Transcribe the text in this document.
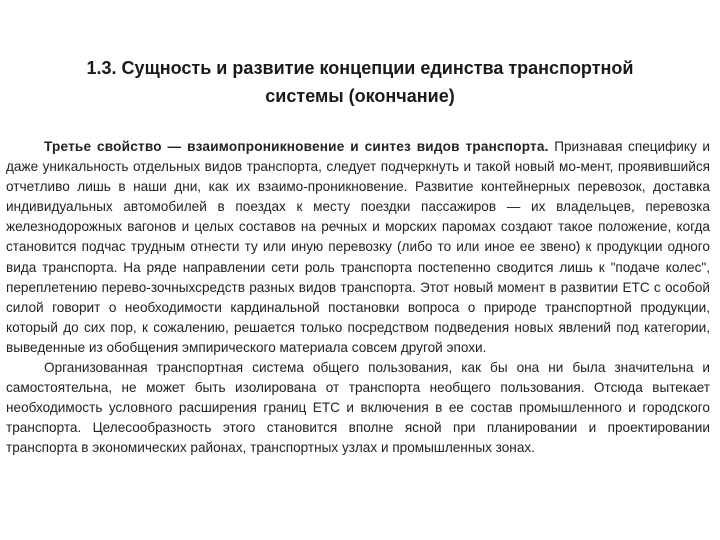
1.3. Сущность и развитие концепции единства транспортной
системы (окончание)

Третье свойство — взаимопроникновение и синтез видов транспорта. Признавая специфику и даже уникальность отдельных видов транспорта, следует подчеркнуть и такой новый мо-мент, проявившийся отчетливо лишь в наши дни, как их взаимо-проникновение. Развитие контейнерных перевозок, доставка индивидуальных автомобилей в поездах к месту поездки пассажиров — их владельцев, перевозка железнодорожных вагонов и целых составов на речных и морских паромах создают такое положение, когда становится подчас трудным отнести ту или иную перевозку (либо то или иное ее звено) к продукции одного вида транспорта. На ряде направлении сети роль транспорта постепенно сводится лишь к "подаче колес", переплетению перево-зочныхсредств разных видов транспорта. Этот новый момент в развитии ЕТС с особой силой говорит о необходимости кардинальной постановки вопроса о природе транспортной продукции, который до сих пор, к сожалению, решается только посредством подведения новых явлений под категории, выведенные из обобщения эмпирического материала совсем другой эпохи.

Организованная транспортная система общего пользования, как бы она ни была значительна и самостоятельна, не может быть изолирована от транспорта необщего пользования. Отсюда вытекает необходимость условного расширения границ ЕТС и включения в ее состав промышленного и городского транспорта. Целесообразность этого становится вполне ясной при планировании и проектировании транспорта в экономических районах, транспортных узлах и промышленных зонах.
